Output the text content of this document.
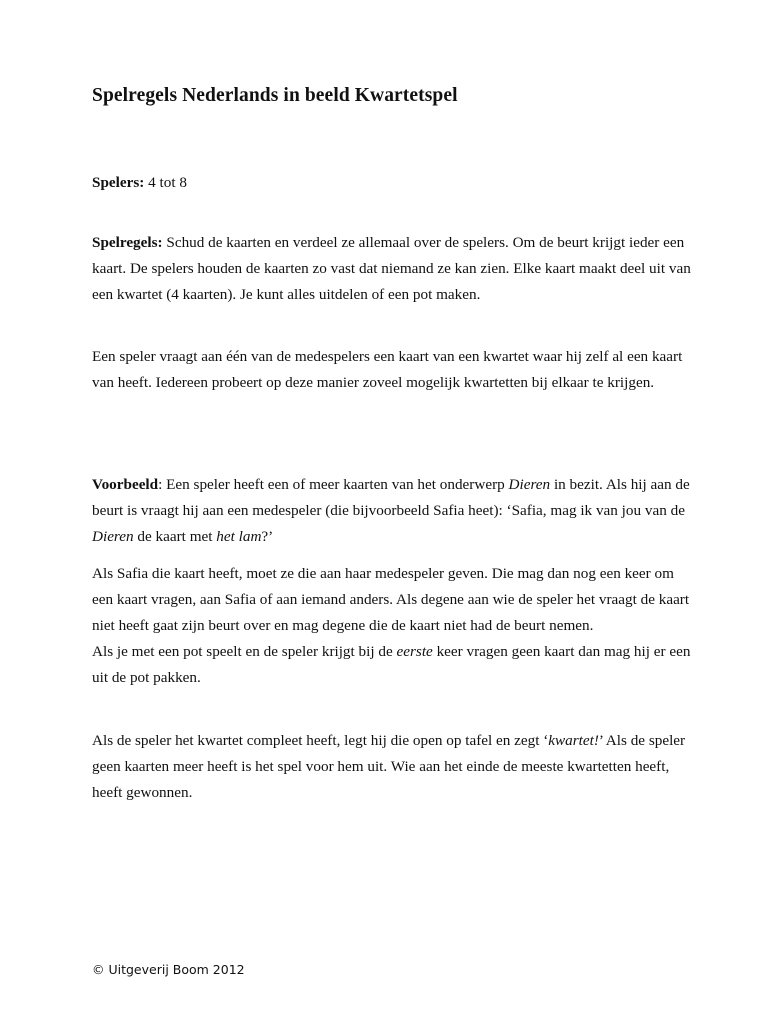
Spelregels Nederlands in beeld Kwartetspel

Spelers: 4 tot 8

Spelregels: Schud de kaarten en verdeel ze allemaal over de spelers. Om de beurt krijgt ieder een kaart. De spelers houden de kaarten zo vast dat niemand ze kan zien. Elke kaart maakt deel uit van een kwartet (4 kaarten). Je kunt alles uitdelen of een pot maken.

Een speler vraagt aan één van de medespelers een kaart van een kwartet waar hij zelf al een kaart van heeft. Iedereen probeert op deze manier zoveel mogelijk kwartetten bij elkaar te krijgen.

Voorbeeld: Een speler heeft een of meer kaarten van het onderwerp Dieren in bezit. Als hij aan de beurt is vraagt hij aan een medespeler (die bijvoorbeeld Safia heet): ‘Safia, mag ik van jou van de Dieren de kaart met het lam?’

Als Safia die kaart heeft, moet ze die aan haar medespeler geven. Die mag dan nog een keer om een kaart vragen, aan Safia of aan iemand anders. Als degene aan wie de speler het vraagt de kaart niet heeft gaat zijn beurt over en mag degene die de kaart niet had de beurt nemen.
Als je met een pot speelt en de speler krijgt bij de eerste keer vragen geen kaart dan mag hij er een uit de pot pakken.

Als de speler het kwartet compleet heeft, legt hij die open op tafel en zegt ‘kwartet!’ Als de speler geen kaarten meer heeft is het spel voor hem uit. Wie aan het einde de meeste kwartetten heeft, heeft gewonnen.

© Uitgeverij Boom 2012
